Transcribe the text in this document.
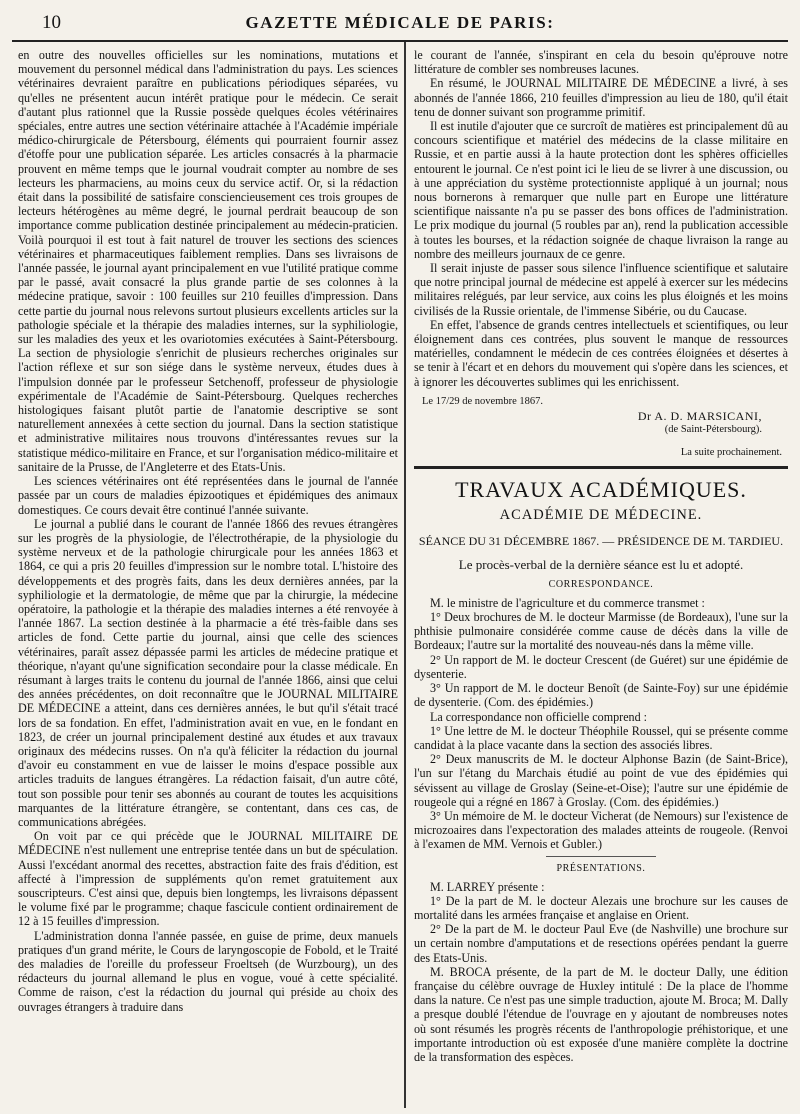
10	GAZETTE MÉDICALE DE PARIS:

en outre des nouvelles officielles sur les nominations, mutations et mouvement du personnel médical dans l'administration du pays. Les sciences vétérinaires devraient paraître en publications périodiques séparées, vu qu'elles ne présentent aucun intérêt pratique pour le médecin. Ce serait d'autant plus rationnel que la Russie possède quelques écoles vétérinaires spéciales, entre autres une section vétérinaire attachée à l'Académie impériale médico-chirurgicale de Pétersbourg, éléments qui pourraient fournir assez d'étoffe pour une publication séparée. Les articles consacrés à la pharmacie prouvent en même temps que le journal voudrait compter au nombre de ses lecteurs les pharmaciens, au moins ceux du service actif. Or, si la rédaction était dans la possibilité de satisfaire consciencieusement ces trois groupes de lecteurs hétérogènes au même degré, le journal perdrait beaucoup de son importance comme publication destinée principalement au médecin-praticien. Voilà pourquoi il est tout à fait naturel de trouver les sections des sciences vétérinaires et pharmaceutiques faiblement remplies. Dans ses livraisons de l'année passée, le journal ayant principalement en vue l'utilité pratique comme par le passé, avait consacré la plus grande partie de ses colonnes à la médecine pratique, savoir : 100 feuilles sur 210 feuilles d'impression. Dans cette partie du journal nous relevons surtout plusieurs excellents articles sur la pathologie spéciale et la thérapie des maladies internes, sur la syphiliologie, sur les maladies des yeux et les ovariotomies exécutées à Saint-Pétersbourg. La section de physiologie s'enrichit de plusieurs recherches originales sur l'action réflexe et sur son siége dans le système nerveux, études dues à l'impulsion donnée par le professeur Setchenoff, professeur de physiologie expérimentale de l'Académie de Saint-Pétersbourg. Quelques recherches histologiques faisant plutôt partie de l'anatomie descriptive se sont naturellement annexées à cette section du journal. Dans la section statistique et administrative militaires nous trouvons d'intéressantes revues sur la statistique médico-militaire en France, et sur l'organisation médico-militaire et sanitaire de la Prusse, de l'Angleterre et des Etats-Unis.

Les sciences vétérinaires ont été représentées dans le journal de l'année passée par un cours de maladies épizootiques et épidémiques des animaux domestiques. Ce cours devait être continué l'année suivante.

Le journal a publié dans le courant de l'année 1866 des revues étrangères sur les progrès de la physiologie, de l'électrothérapie, de la physiologie du système nerveux et de la pathologie chirurgicale pour les années 1863 et 1864, ce qui a pris 20 feuilles d'impression sur le nombre total. L'histoire des développements et des progrès faits, dans les deux dernières années, par la syphiliologie et la dermatologie, de même que par la chirurgie, la médecine opératoire, la pathologie et la thérapie des maladies internes a été renvoyée à l'année 1867. La section destinée à la pharmacie a été très-faible dans ses articles de fond. Cette partie du journal, ainsi que celle des sciences vétérinaires, paraît assez dépassée parmi les articles de médecine pratique et théorique, n'ayant qu'une signification secondaire pour la classe médicale. En résumant à larges traits le contenu du journal de l'année 1866, ainsi que celui des années précédentes, on doit reconnaître que le JOURNAL MILITAIRE DE MÉDECINE a atteint, dans ces dernières années, le but qu'il s'était tracé lors de sa fondation. En effet, l'administration avait en vue, en le fondant en 1823, de créer un journal principalement destiné aux études et aux travaux originaux des médecins russes. On n'a qu'à féliciter la rédaction du journal d'avoir eu constamment en vue de laisser le moins d'espace possible aux articles traduits de langues étrangères. La rédaction faisait, d'un autre côté, tout son possible pour tenir ses abonnés au courant de toutes les acquisitions marquantes de la littérature étrangère, se contentant, dans ces cas, de communications abrégées.

On voit par ce qui précède que le JOURNAL MILITAIRE DE MÉDECINE n'est nullement une entreprise tentée dans un but de spéculation. Aussi l'excédant anormal des recettes, abstraction faite des frais d'édition, est affecté à l'impression de suppléments qu'on remet gratuitement aux souscripteurs. C'est ainsi que, depuis bien longtemps, les livraisons dépassent le volume fixé par le programme; chaque fascicule contient ordinairement de 12 à 15 feuilles d'impression.

L'administration donna l'année passée, en guise de prime, deux manuels pratiques d'un grand mérite, le Cours de laryngoscopie de Fobold, et le Traité des maladies de l'oreille du professeur Froeltseh (de Wurzbourg), un des rédacteurs du journal allemand le plus en vogue, voué à cette spécialité. Comme de raison, c'est la rédaction du journal qui préside au choix des ouvrages étrangers à traduire dans

le courant de l'année, s'inspirant en cela du besoin qu'éprouve notre littérature de combler ses nombreuses lacunes.

En résumé, le JOURNAL MILITAIRE DE MÉDECINE a livré, à ses abonnés de l'année 1866, 210 feuilles d'impression au lieu de 180, qu'il était tenu de donner suivant son programme primitif.

Il est inutile d'ajouter que ce surcroît de matières est principalement dû au concours scientifique et matériel des médecins de la classe militaire en Russie, et en partie aussi à la haute protection dont les sphères officielles entourent le journal. Ce n'est point ici le lieu de se livrer à une discussion, ou à une appréciation du système protectionniste appliqué à un journal; nous nous bornerons à remarquer que nulle part en Europe une littérature scientifique naissante n'a pu se passer des bons offices de l'administration. Le prix modique du journal (5 roubles par an), rend la publication accessible à toutes les bourses, et la rédaction soignée de chaque livraison la range au nombre des meilleurs journaux de ce genre.

Il serait injuste de passer sous silence l'influence scientifique et salutaire que notre principal journal de médecine est appelé à exercer sur les médecins militaires relégués, par leur service, aux coins les plus éloignés et les moins civilisés de la Russie orientale, de l'immense Sibérie, ou du Caucase.

En effet, l'absence de grands centres intellectuels et scientifiques, ou leur éloignement dans ces contrées, plus souvent le manque de ressources matérielles, condamnent le médecin de ces contrées éloignées et désertes à se tenir à l'écart et en dehors du mouvement qui s'opère dans les sciences, et à ignorer les découvertes sublimes qui les enrichissent.

Le 17/29 de novembre 1867.
Dr A. D. MARSICANI,
(de Saint-Pétersbourg).
La suite prochainement.
TRAVAUX ACADÉMIQUES.
ACADÉMIE DE MÉDECINE.
SÉANCE DU 31 DÉCEMBRE 1867. — PRÉSIDENCE DE M. TARDIEU.
Le procès-verbal de la dernière séance est lu et adopté.
CORRESPONDANCE.

M. le ministre de l'agriculture et du commerce transmet :

1° Deux brochures de M. le docteur Marmisse (de Bordeaux), l'une sur la phthisie pulmonaire considérée comme cause de décès dans la ville de Bordeaux; l'autre sur la mortalité des nouveau-nés dans la même ville.

2° Un rapport de M. le docteur Crescent (de Guéret) sur une épidémie de dysenterie.

3° Un rapport de M. le docteur Benoît (de Sainte-Foy) sur une épidémie de dysenterie. (Com. des épidémies.)

La correspondance non officielle comprend :

1° Une lettre de M. le docteur Théophile Roussel, qui se présente comme candidat à la place vacante dans la section des associés libres.

2° Deux manuscrits de M. le docteur Alphonse Bazin (de Saint-Brice), l'un sur l'étang du Marchais étudié au point de vue des épidémies qui sévissent au village de Groslay (Seine-et-Oise); l'autre sur une épidémie de rougeole qui a régné en 1867 à Groslay. (Com. des épidémies.)

3° Un mémoire de M. le docteur Vicherat (de Nemours) sur l'existence de microzoaires dans l'expectoration des malades atteints de rougeole. (Renvoi à l'examen de MM. Vernois et Gubler.)

PRÉSENTATIONS.

M. LARREY présente :

1° De la part de M. le docteur Alezais une brochure sur les causes de mortalité dans les armées française et anglaise en Orient.

2° De la part de M. le docteur Paul Eve (de Nashville) une brochure sur un certain nombre d'amputations et de resections opérées pendant la guerre des Etats-Unis.

M. BROCA présente, de la part de M. le docteur Dally, une édition française du célèbre ouvrage de Huxley intitulé : De la place de l'homme dans la nature. Ce n'est pas une simple traduction, ajoute M. Broca; M. Dally a presque doublé l'étendue de l'ouvrage en y ajoutant de nombreuses notes où sont résumés les progrès récents de l'anthropologie préhistorique, et une importante introduction où est exposée d'une manière complète la doctrine de la transformation des espèces.
